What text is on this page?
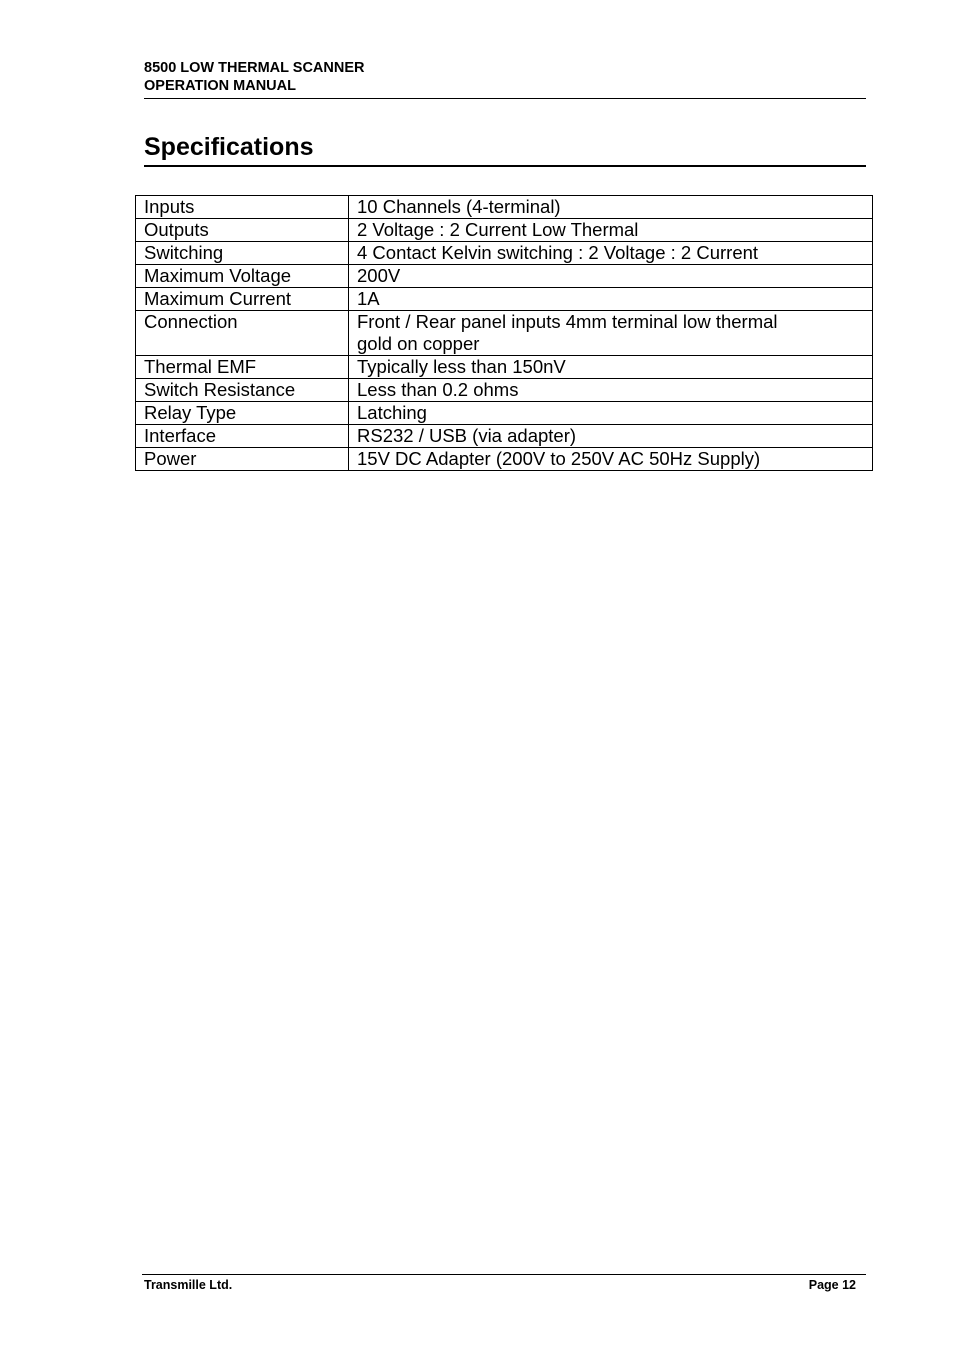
8500 LOW THERMAL SCANNER
OPERATION MANUAL
Specifications
Inputs	10 Channels (4-terminal)
Outputs	2 Voltage : 2 Current Low Thermal
Switching	4 Contact Kelvin switching : 2 Voltage : 2 Current
Maximum Voltage	200V
Maximum Current	1A
Connection	Front / Rear panel inputs 4mm terminal low thermal gold on copper
Thermal EMF	Typically less than 150nV
Switch Resistance	Less than 0.2 ohms
Relay Type	Latching
Interface	RS232 / USB (via adapter)
Power	15V DC Adapter (200V to 250V AC 50Hz Supply)
Transmille Ltd.	Page 12
